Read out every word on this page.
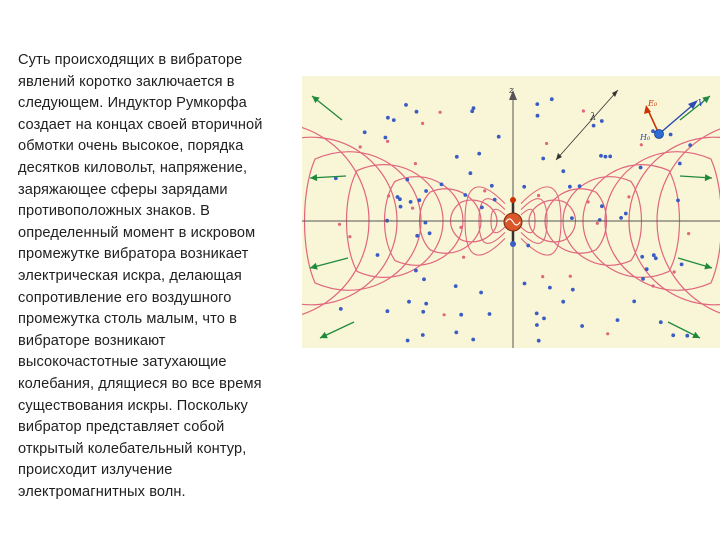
Суть происходящих в вибраторе
явлений коротко заключается в
следующем. Индуктор Румкорфа
создает на концах своей вторичной
обмотки очень высокое, порядка
десятков киловольт, напряжение,
заряжающее сферы зарядами
противоположных знаков. В
определенный момент в искровом
промежутке вибратора возникает
электрическая искра, делающая
сопротивление его воздушного
промежутка столь малым, что в
вибраторе возникают
высокочастотные затухающие
колебания, длящиеся во все время
существования искры. Поскольку
вибратор представляет собой
открытый колебательный контур,
происходит излучение
электромагнитных волн.
z
λ
V
E₀
H₀
